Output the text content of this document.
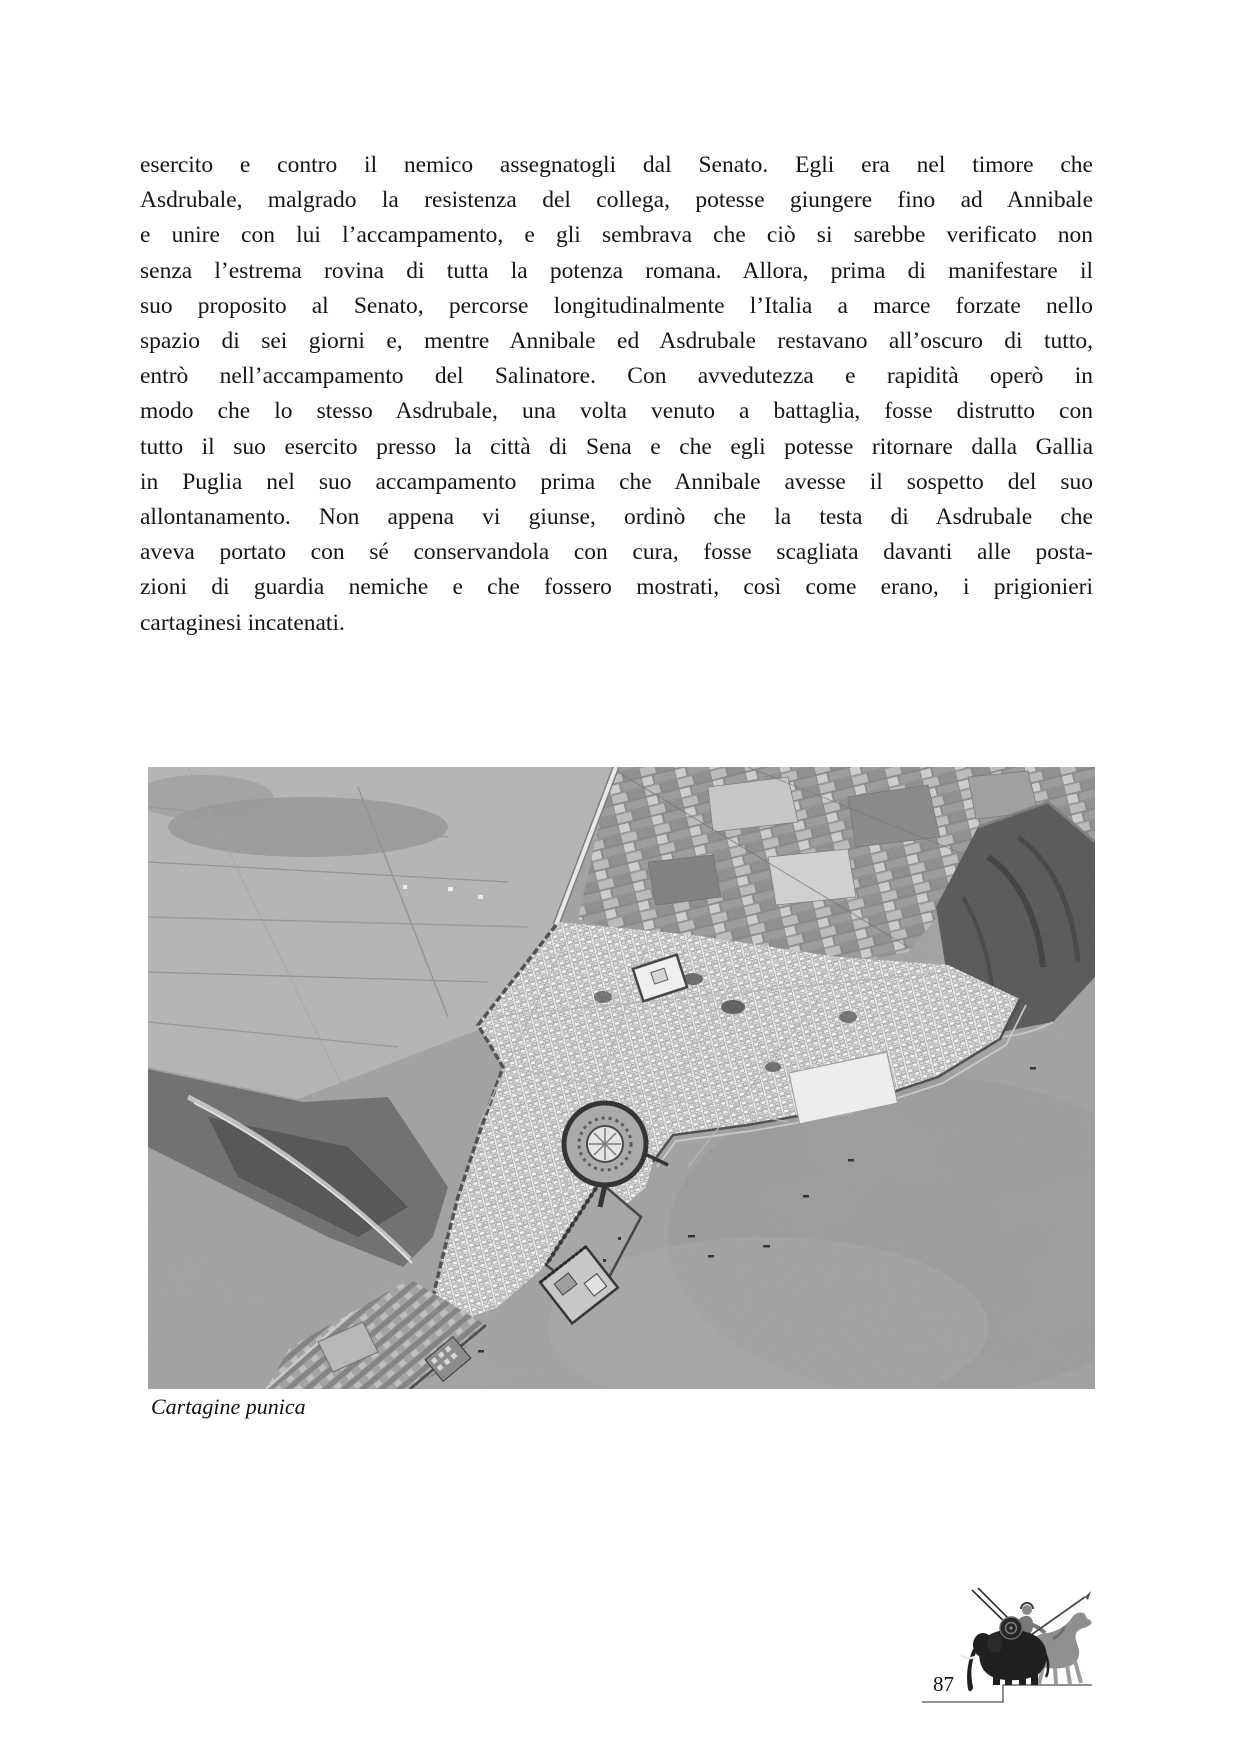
esercito e contro il nemico assegnatogli dal Senato. Egli era nel timore che
Asdrubale, malgrado la resistenza del collega, potesse giungere fino ad Annibale
e unire con lui l’accampamento, e gli sembrava che ciò si sarebbe verificato non
senza l’estrema rovina di tutta la potenza romana. Allora, prima di manifestare il
suo proposito al Senato, percorse longitudinalmente l’Italia a marce forzate nello
spazio di sei giorni e, mentre Annibale ed Asdrubale restavano all’oscuro di tutto,
entrò nell’accampamento del Salinatore. Con avvedutezza e rapidità operò in
modo che lo stesso Asdrubale, una volta venuto a battaglia, fosse distrutto con
tutto il suo esercito presso la città di Sena e che egli potesse ritornare dalla Gallia
in Puglia nel suo accampamento prima che Annibale avesse il sospetto del suo
allontanamento. Non appena vi giunse, ordinò che la testa di Asdrubale che
aveva portato con sé conservandola con cura, fosse scagliata davanti alle posta-
zioni di guardia nemiche e che fossero mostrati, così come erano, i prigionieri
cartaginesi incatenati.
Cartagine punica
87
